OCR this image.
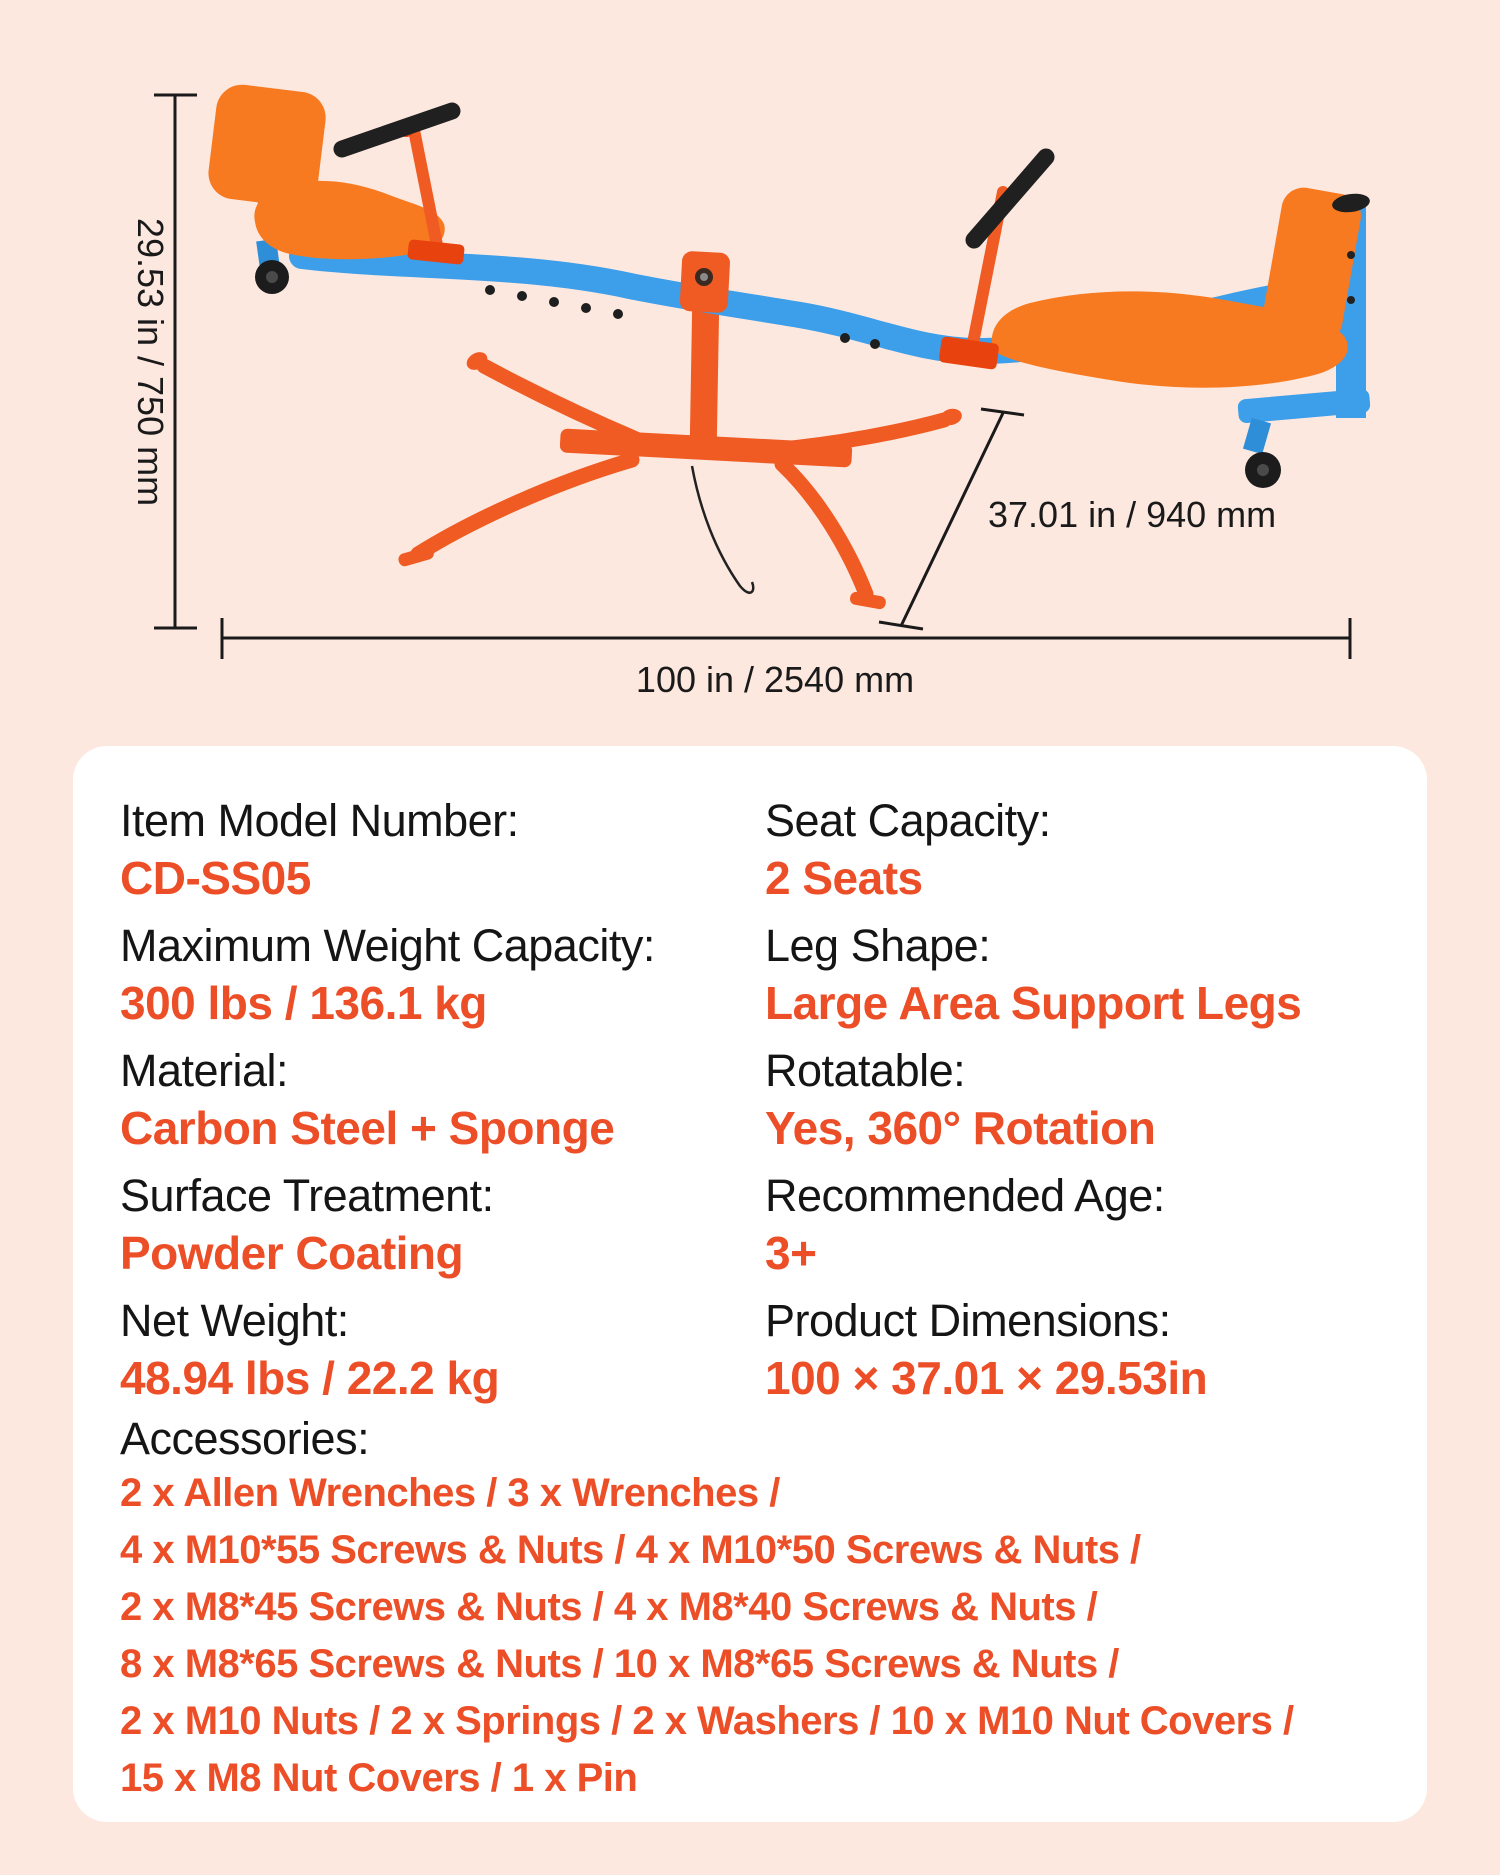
29.53 in / 750 mm
100 in / 2540 mm
37.01 in / 940 mm
Item Model Number:
CD-SS05
Seat Capacity:
2 Seats
Maximum Weight Capacity:
300 lbs / 136.1 kg
Leg Shape:
Large Area Support Legs
Material:
Carbon Steel + Sponge
Rotatable:
Yes, 360° Rotation
Surface Treatment:
Powder Coating
Recommended Age:
3+
Net Weight:
48.94 lbs / 22.2 kg
Product Dimensions:
100 × 37.01 × 29.53in
Accessories:
2 x Allen Wrenches / 3 x Wrenches /
4 x M10*55 Screws & Nuts / 4 x M10*50 Screws & Nuts /
2 x M8*45 Screws & Nuts / 4 x M8*40 Screws & Nuts /
8 x M8*65 Screws & Nuts / 10 x M8*65 Screws & Nuts /
2 x M10 Nuts / 2 x Springs / 2 x Washers / 10 x M10 Nut Covers /
15 x M8 Nut Covers / 1 x Pin
